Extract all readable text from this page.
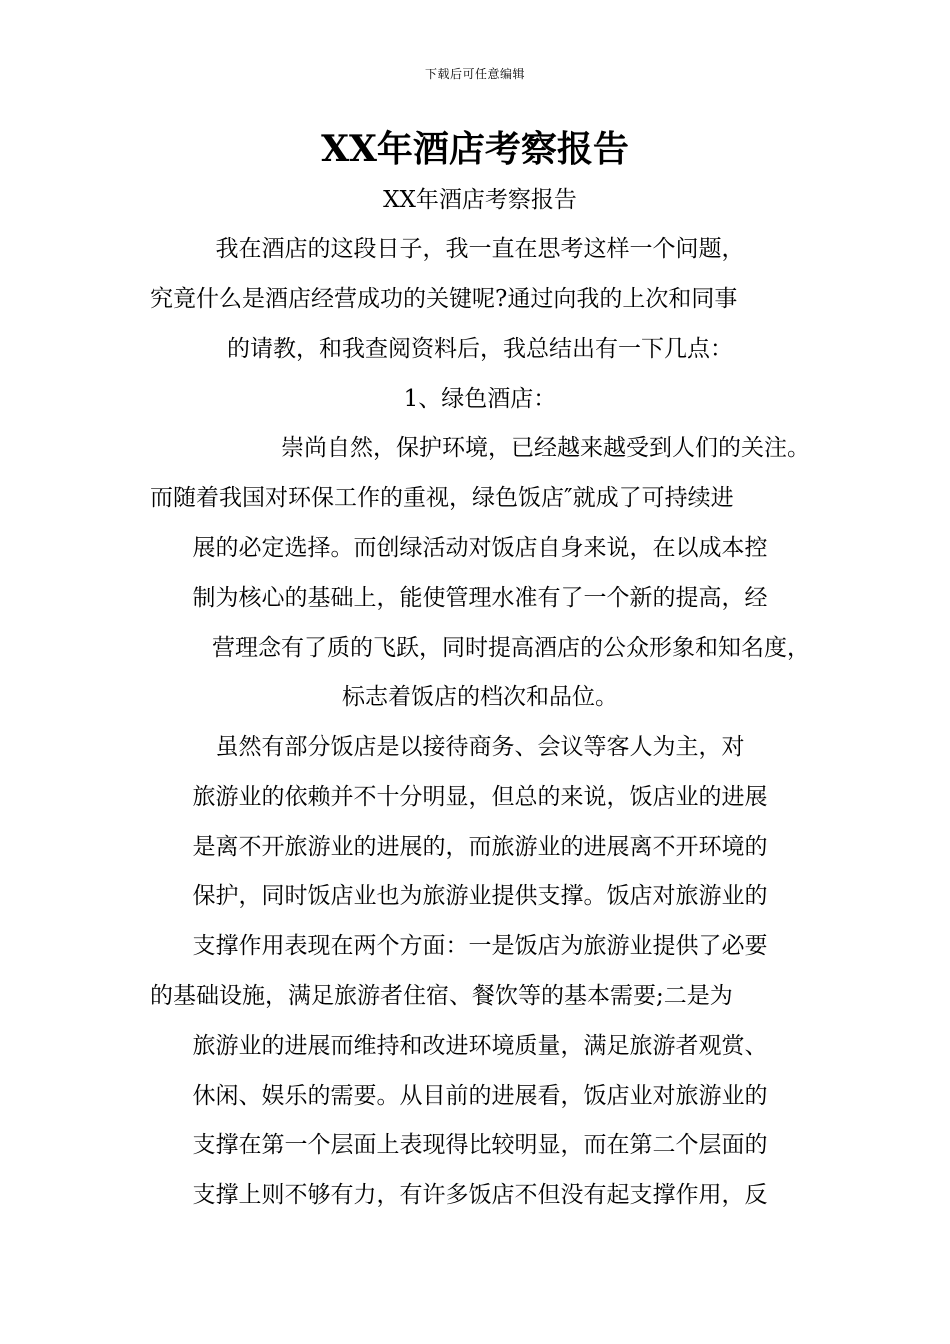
下载后可任意编辑
XX年酒店考察报告
XX年酒店考察报告
我在酒店的这段日子，我一直在思考这样一个问题，
究竟什么是酒店经营成功的关键呢?通过向我的上次和同事
的请教，和我查阅资料后，我总结出有一下几点：
1、绿色酒店：
崇尚自然，保护环境，已经越来越受到人们的关注。
而随着我国对环保工作的重视，绿色饭店″就成了可持续进
展的必定选择。而创绿活动对饭店自身来说，在以成本控
制为核心的基础上，能使管理水准有了一个新的提高，经
营理念有了质的飞跃，同时提高酒店的公众形象和知名度，
标志着饭店的档次和品位。
虽然有部分饭店是以接待商务、会议等客人为主，对
旅游业的依赖并不十分明显，但总的来说，饭店业的进展
是离不开旅游业的进展的，而旅游业的进展离不开环境的
保护，同时饭店业也为旅游业提供支撑。饭店对旅游业的
支撑作用表现在两个方面：一是饭店为旅游业提供了必要
的基础设施，满足旅游者住宿、餐饮等的基本需要;二是为
旅游业的进展而维持和改进环境质量，满足旅游者观赏、
休闲、娱乐的需要。从目前的进展看，饭店业对旅游业的
支撑在第一个层面上表现得比较明显，而在第二个层面的
支撑上则不够有力，有许多饭店不但没有起支撑作用，反
